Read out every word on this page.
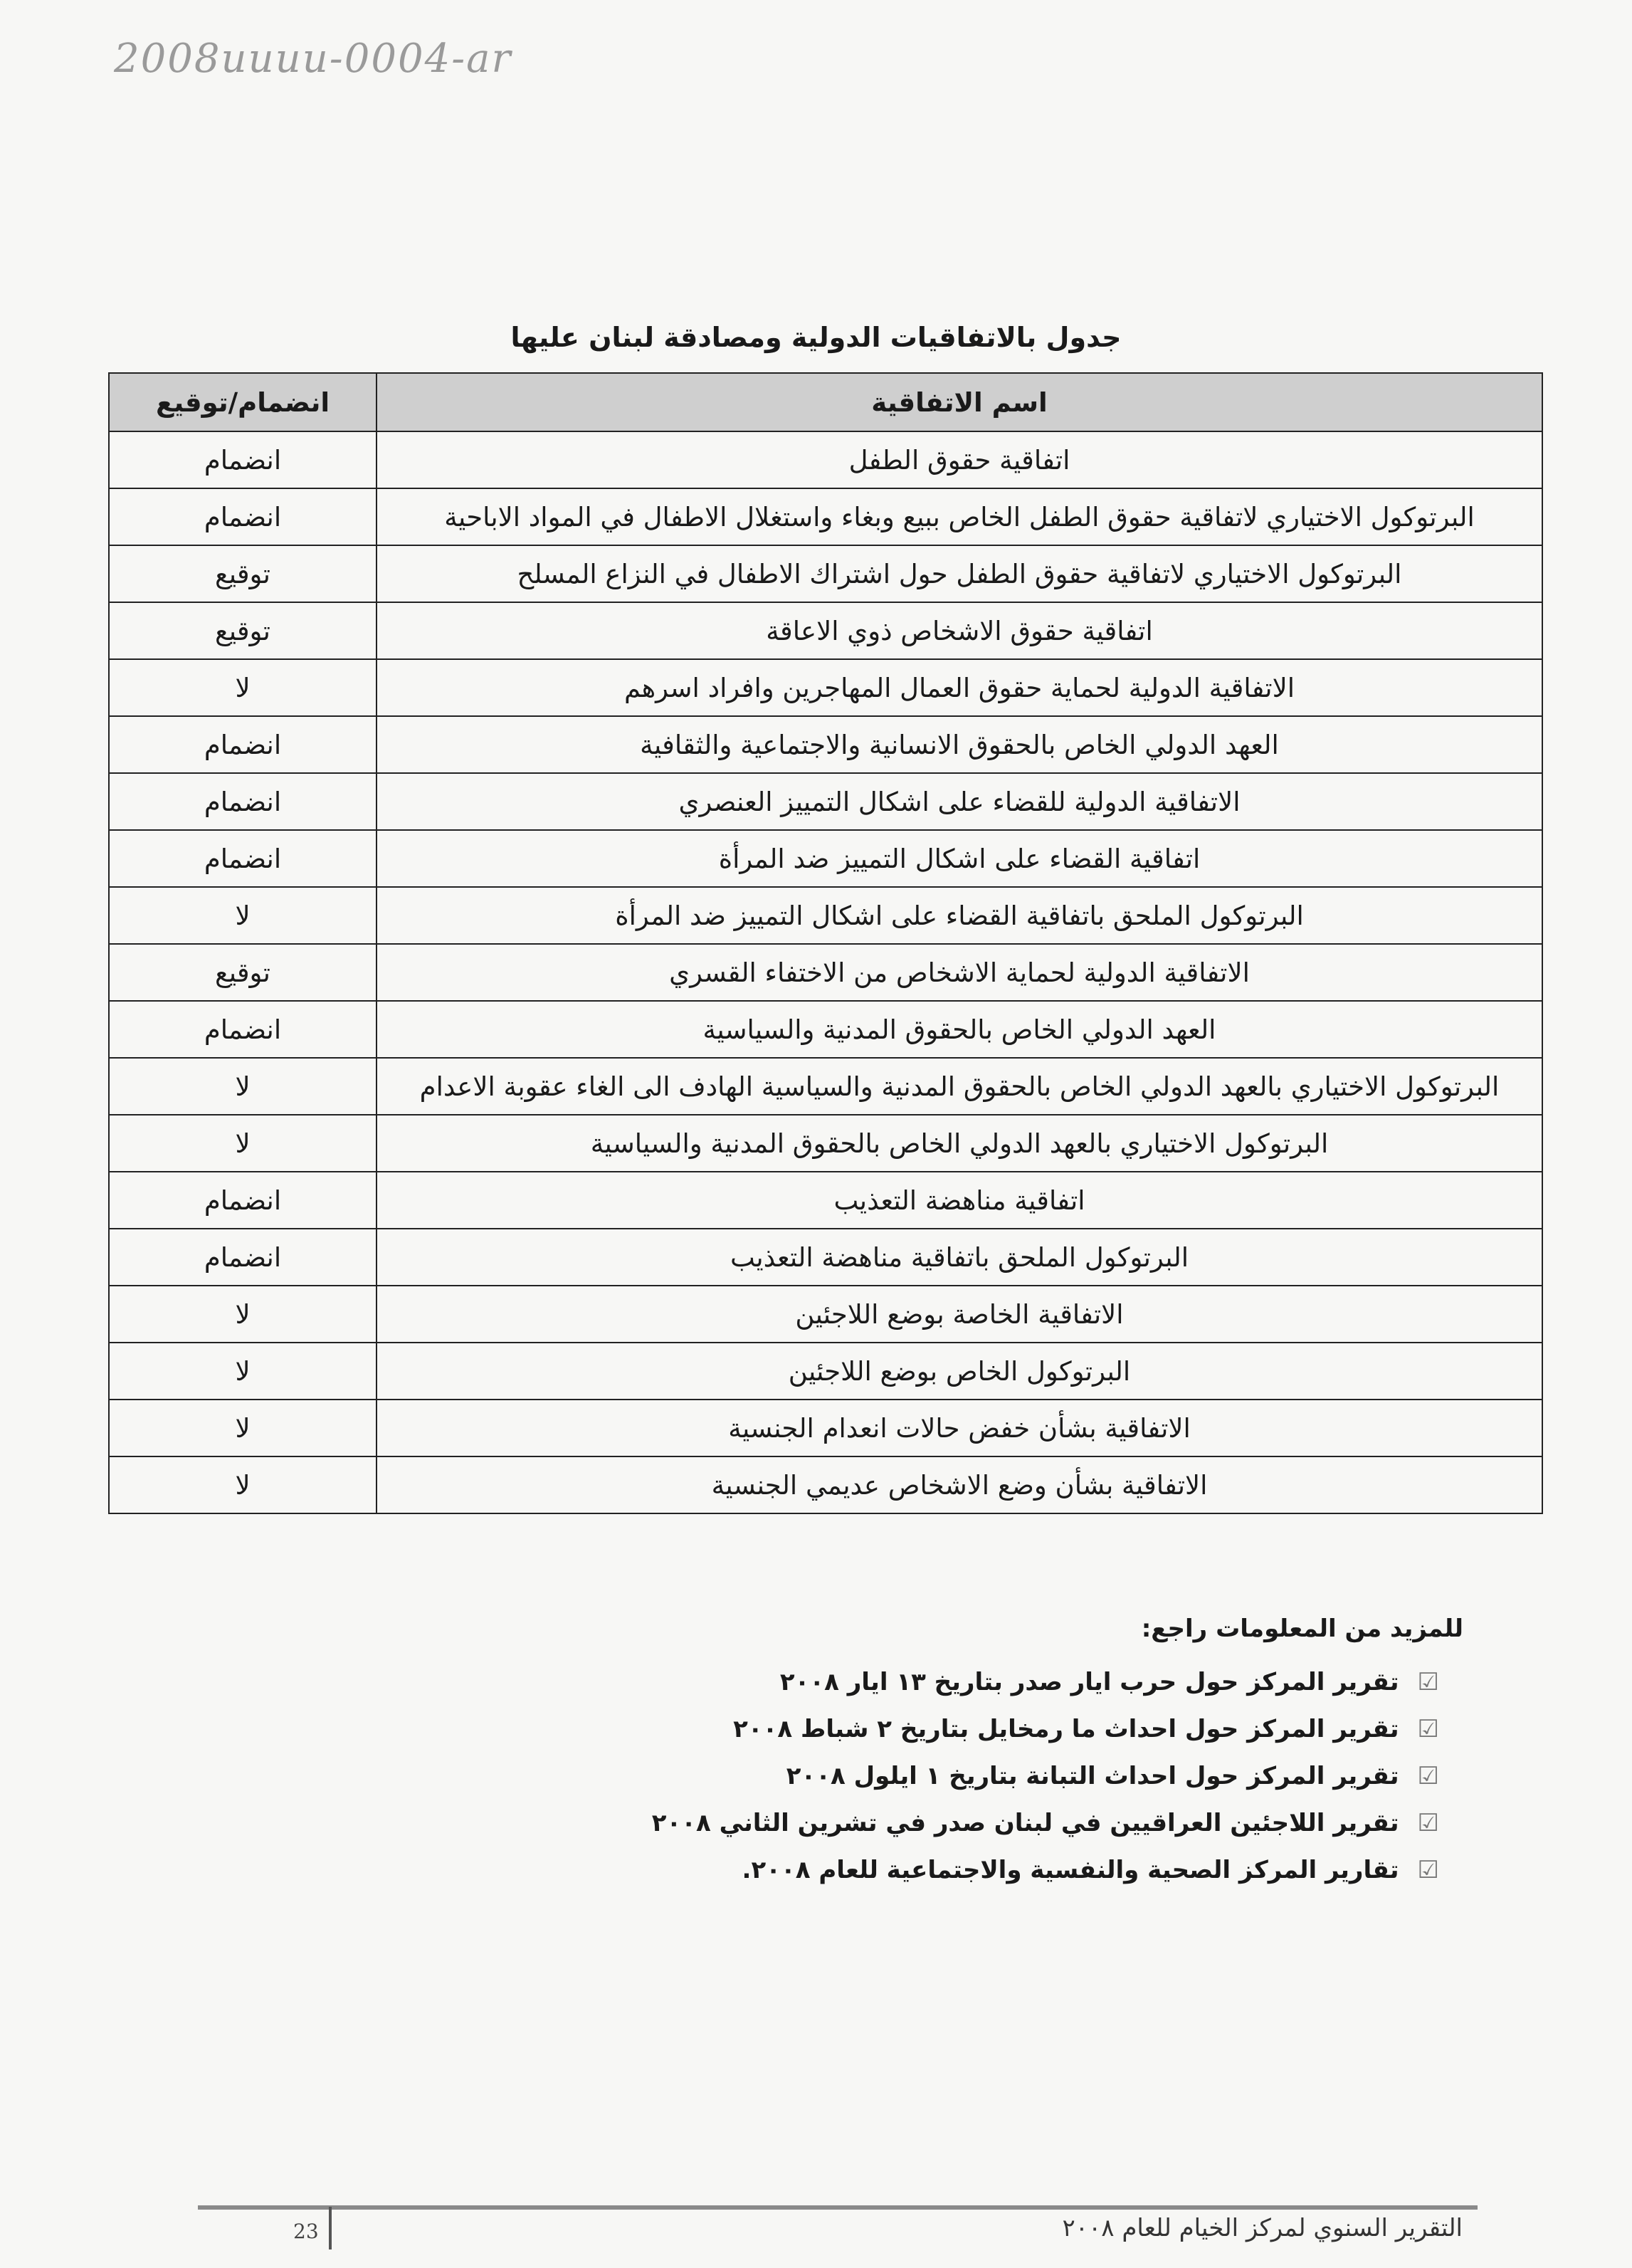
2008uuuu-0004-ar
جدول بالاتفاقيات الدولية ومصادقة لبنان عليها
اسم الاتفاقية	انضمام/توقيع
اتفاقية حقوق الطفل	انضمام
البرتوكول الاختياري لاتفاقية حقوق الطفل الخاص ببيع وبغاء واستغلال الاطفال في المواد الاباحية	انضمام
البرتوكول الاختياري لاتفاقية حقوق الطفل حول اشتراك الاطفال في النزاع المسلح	توقيع
اتفاقية حقوق الاشخاص ذوي الاعاقة	توقيع
الاتفاقية الدولية لحماية حقوق العمال المهاجرين وافراد اسرهم	لا
العهد الدولي الخاص بالحقوق الانسانية والاجتماعية والثقافية	انضمام
الاتفاقية الدولية للقضاء على اشكال التمييز العنصري	انضمام
اتفاقية القضاء على اشكال التمييز ضد المرأة	انضمام
البرتوكول الملحق باتفاقية القضاء على اشكال التمييز ضد المرأة	لا
الاتفاقية الدولية لحماية الاشخاص من الاختفاء القسري	توقيع
العهد الدولي الخاص بالحقوق المدنية والسياسية	انضمام
البرتوكول الاختياري بالعهد الدولي الخاص بالحقوق المدنية والسياسية الهادف الى الغاء عقوبة الاعدام	لا
البرتوكول الاختياري بالعهد الدولي الخاص بالحقوق المدنية والسياسية	لا
اتفاقية مناهضة التعذيب	انضمام
البرتوكول الملحق باتفاقية مناهضة التعذيب	انضمام
الاتفاقية الخاصة بوضع اللاجئين	لا
البرتوكول الخاص بوضع اللاجئين	لا
الاتفاقية بشأن خفض حالات انعدام الجنسية	لا
الاتفاقية بشأن وضع الاشخاص عديمي الجنسية	لا
للمزيد من المعلومات راجع:
☑تقرير المركز حول حرب ايار صدر بتاريخ ١٣ ايار ٢٠٠٨
☑تقرير المركز حول احداث ما رمخايل بتاريخ ٢ شباط ٢٠٠٨
☑تقرير المركز حول احداث التبانة بتاريخ ١ ايلول ٢٠٠٨
☑تقرير اللاجئين العراقيين في لبنان صدر في تشرين الثاني ٢٠٠٨
☑تقارير المركز الصحية والنفسية والاجتماعية للعام ٢٠٠٨.
23	التقرير السنوي لمركز الخيام للعام ٢٠٠٨
